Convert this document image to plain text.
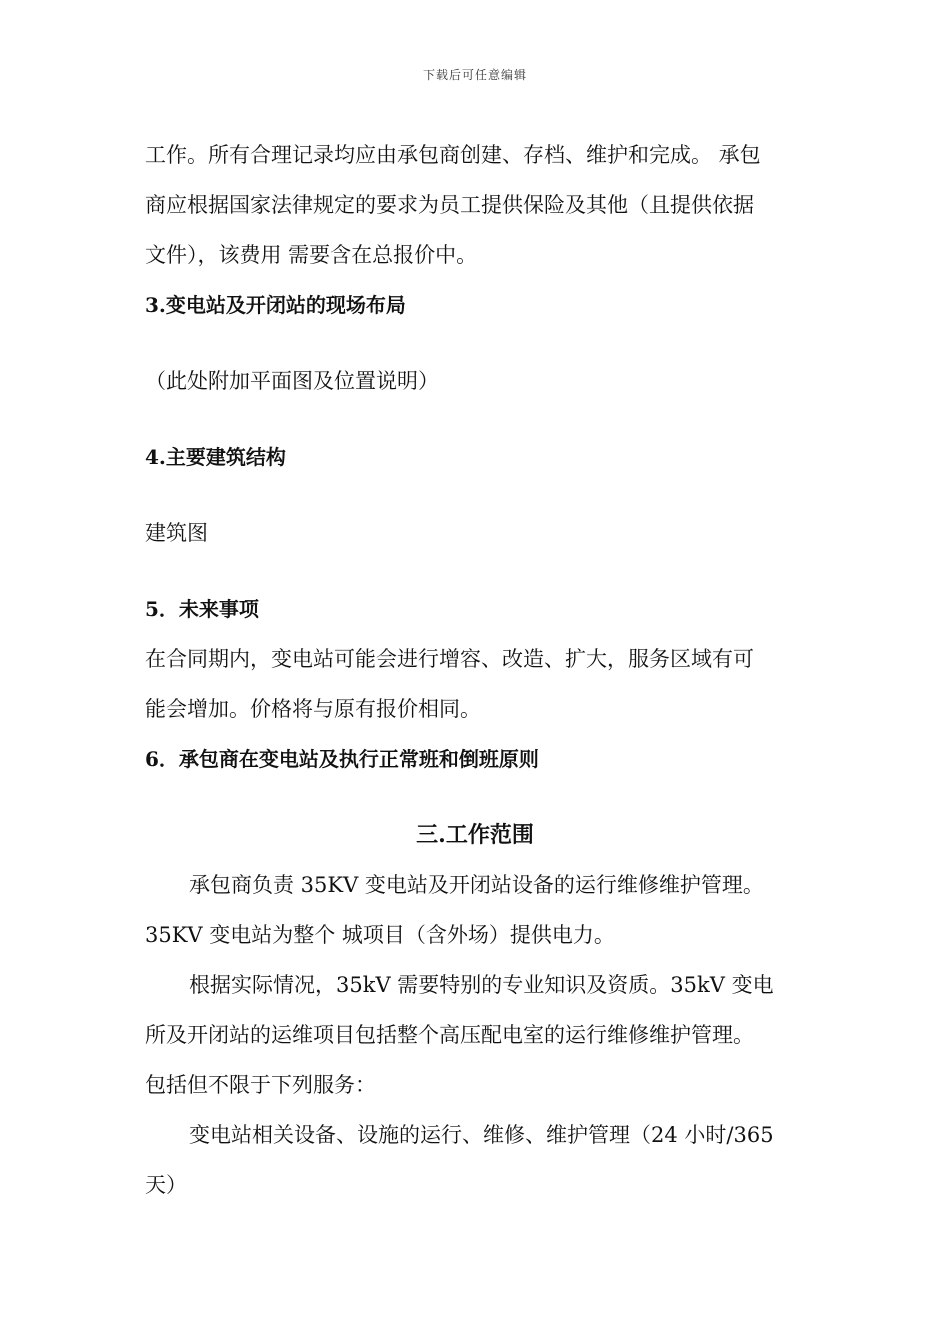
下载后可任意编辑
工作。所有合理记录均应由承包商创建、存档、维护和完成。 承包
商应根据国家法律规定的要求为员工提供保险及其他（且提供依据
文件），该费用 需要含在总报价中。
3.变电站及开闭站的现场布局
（此处附加平面图及位置说明）
4.主要建筑结构
建筑图
5．未来事项
在合同期内，变电站可能会进行增容、改造、扩大，服务区域有可
能会增加。价格将与原有报价相同。
6．承包商在变电站及执行正常班和倒班原则
三.工作范围
承包商负责 35KV 变电站及开闭站设备的运行维修维护管理。
35KV 变电站为整个 城项目（含外场）提供电力。
根据实际情况，35kV 需要特别的专业知识及资质。35kV 变电
所及开闭站的运维项目包括整个高压配电室的运行维修维护管理。
包括但不限于下列服务：
变电站相关设备、设施的运行、维修、维护管理（24 小时/365
天）
